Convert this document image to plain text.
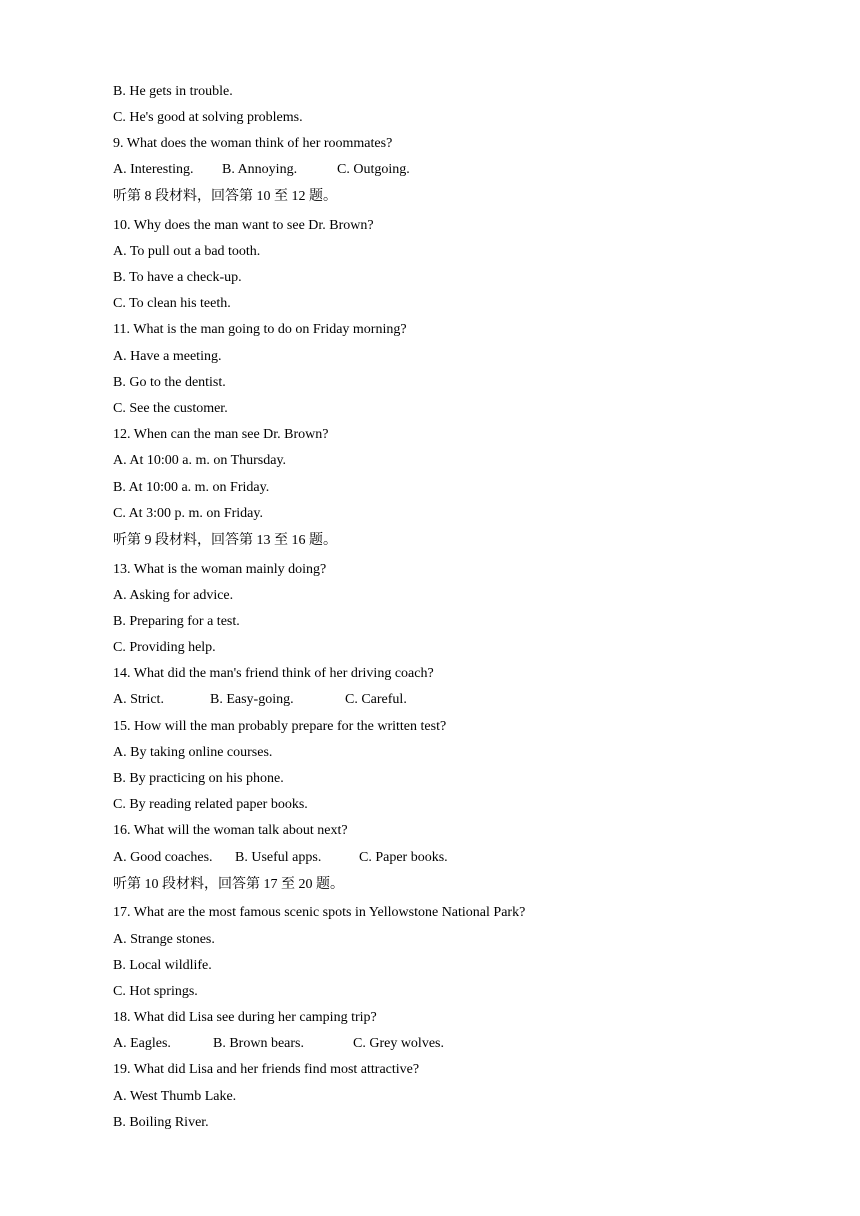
B. He gets in trouble.
C. He's good at solving problems.
9. What does the woman think of her roommates?
A. Interesting. B. Annoying.	C. Outgoing.
听第 8 段材料，回答第 10 至 12 题。
10. Why does the man want to see Dr. Brown?
A. To pull out a bad tooth.
B. To have a check-up.
C. To clean his teeth.
11. What is the man going to do on Friday morning?
A. Have a meeting.
B. Go to the dentist.
C. See the customer.
12. When can the man see Dr. Brown?
A. At 10:00 a. m. on Thursday.
B. At 10:00 a. m. on Friday.
C. At 3:00 p. m. on Friday.
听第 9 段材料，回答第 13 至 16 题。
13. What is the woman mainly doing?
A. Asking for advice.
B. Preparing for a test.
C. Providing help.
14. What did the man's friend think of her driving coach?
A. Strict.	B. Easy-going.	C. Careful.
15. How will the man probably prepare for the written test?
A. By taking online courses.
B. By practicing on his phone.
C. By reading related paper books.
16. What will the woman talk about next?
A. Good coaches. B. Useful apps.	C. Paper books.
听第 10 段材料，回答第 17 至 20 题。
17. What are the most famous scenic spots in Yellowstone National Park?
A. Strange stones.
B. Local wildlife.
C. Hot springs.
18. What did Lisa see during her camping trip?
A. Eagles.	B. Brown bears.	C. Grey wolves.
19. What did Lisa and her friends find most attractive?
A. West Thumb Lake.
B. Boiling River.
